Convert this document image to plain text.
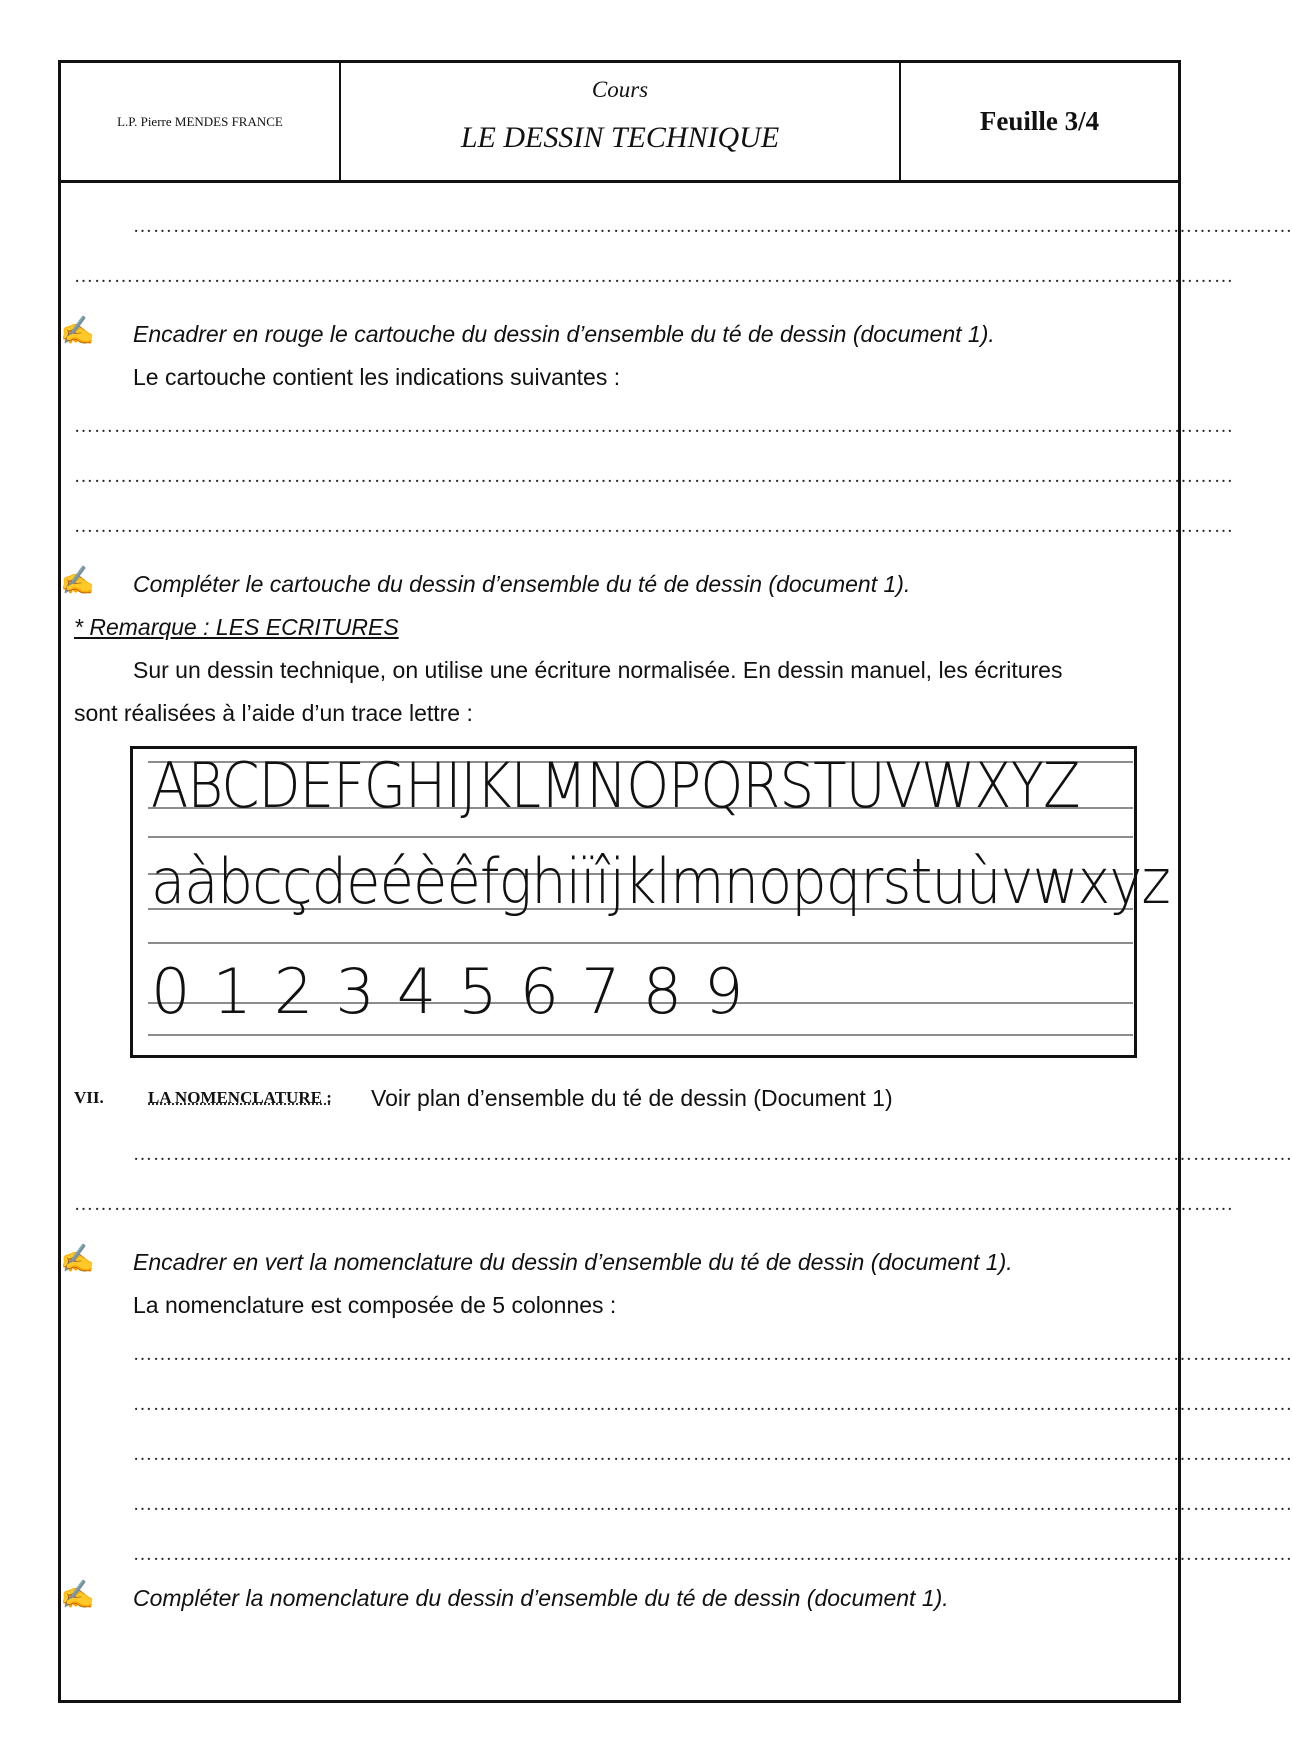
L.P. Pierre MENDES FRANCE
Cours
LE DESSIN TECHNIQUE	Feuille 3/4
…………………………………………………………………………………………………………………………………………………………
…………………………………………………………………………………………………………………………………………………………
✍ Encadrer en rouge le cartouche du dessin d’ensemble du té de dessin (document 1).
Le cartouche contient les indications suivantes :
…………………………………………………………………………………………………………………………………………………………
…………………………………………………………………………………………………………………………………………………………
…………………………………………………………………………………………………………………………………………………………
✍ Compléter le cartouche du dessin d’ensemble du té de dessin (document 1).
* Remarque : LES ECRITURES
Sur un dessin technique, on utilise une écriture normalisée. En dessin manuel, les écritures
sont réalisées à l’aide d’un trace lettre :
ABCDEFGHIJKLMNOPQRSTUVWXYZ
aàbcçdeéèêfghiïîjklmnopqrstuùvwxyz
0123456789
VII.	LA NOMENCLATURE : Voir plan d’ensemble du té de dessin (Document 1)
…………………………………………………………………………………………………………………………………………………………
…………………………………………………………………………………………………………………………………………………………
✍ Encadrer en vert la nomenclature du dessin d’ensemble du té de dessin (document 1).
La nomenclature est composée de 5 colonnes :
…………………………………………………………………………………………………………………………………………………………
…………………………………………………………………………………………………………………………………………………………
…………………………………………………………………………………………………………………………………………………………
…………………………………………………………………………………………………………………………………………………………
…………………………………………………………………………………………………………………………………………………………
✍ Compléter la nomenclature du dessin d’ensemble du té de dessin (document 1).
